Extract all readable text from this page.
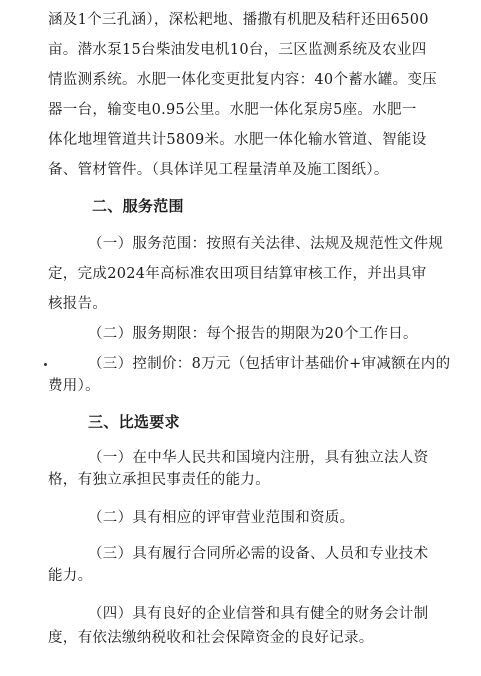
涵及1个三孔涵），深松耙地、播撒有机肥及秸秆还田6500
亩。潜水泵15台柴油发电机10台，三区监测系统及农业四
情监测系统。水肥一体化变更批复内容：40个蓄水罐。变压
器一台，输变电0.95公里。水肥一体化泵房5座。水肥一
体化地埋管道共计5809米。水肥一体化输水管道、智能设
备、管材管件。（具体详见工程量清单及施工图纸）。
二、服务范围
（一）服务范围：按照有关法律、法规及规范性文件规
定，完成2024年高标准农田项目结算审核工作，并出具审
核报告。
（二）服务期限：每个报告的期限为20个工作日。
（三）控制价：8万元（包括审计基础价+审减额在内的
费用）。
三、比选要求
（一）在中华人民共和国境内注册，具有独立法人资
格，有独立承担民事责任的能力。
（二）具有相应的评审营业范围和资质。
（三）具有履行合同所必需的设备、人员和专业技术
能力。
（四）具有良好的企业信誉和具有健全的财务会计制
度，有依法缴纳税收和社会保障资金的良好记录。
